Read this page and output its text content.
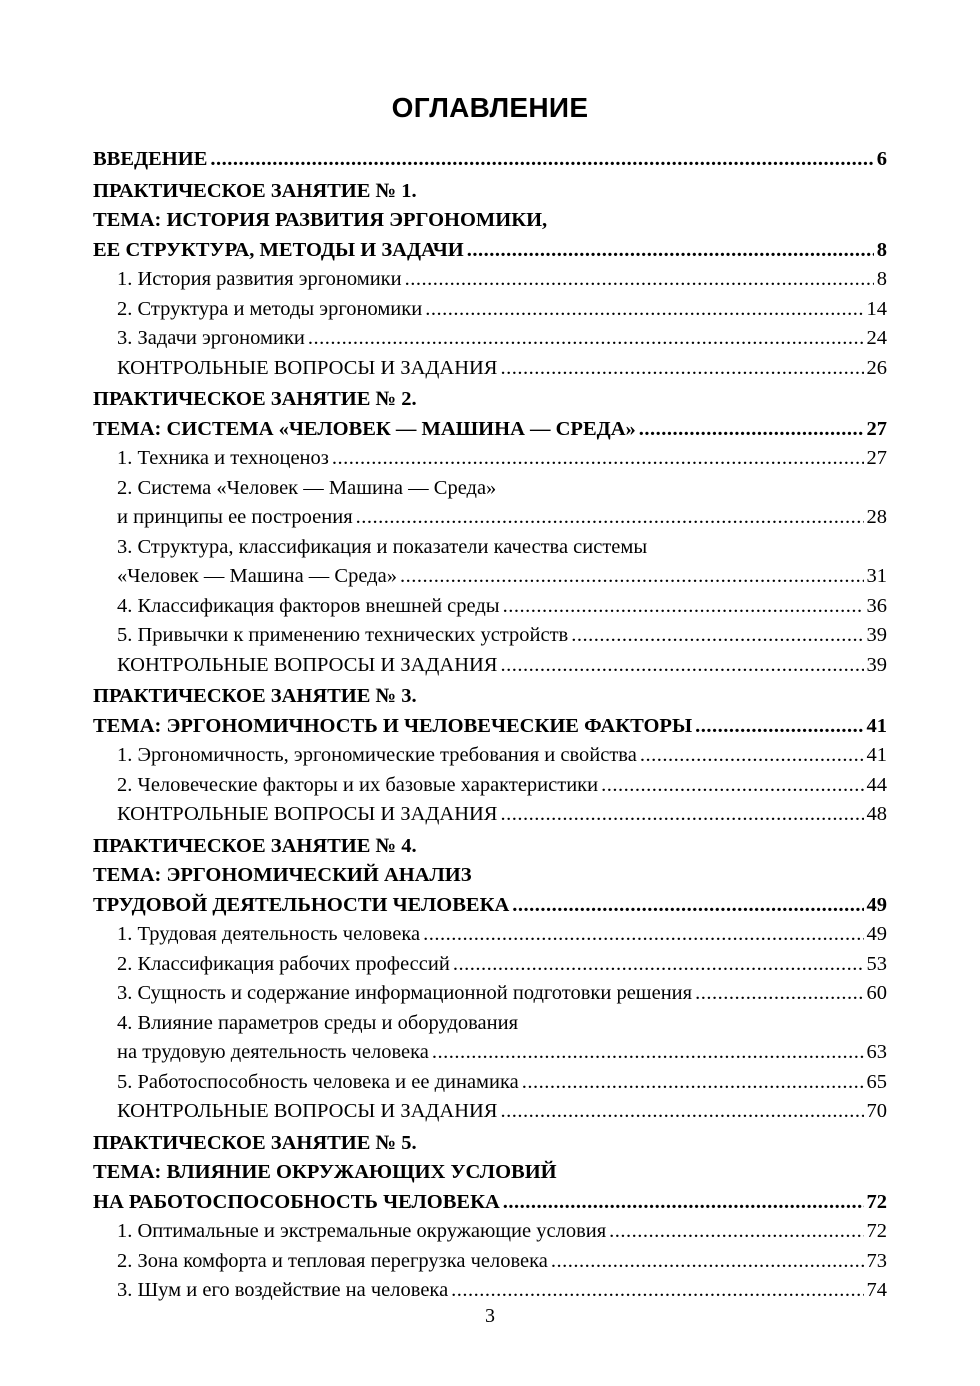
ОГЛАВЛЕНИЕ
ВВЕДЕНИЕ .....	6
ПРАКТИЧЕСКОЕ ЗАНЯТИЕ № 1.
ТЕМА: ИСТОРИЯ РАЗВИТИЯ ЭРГОНОМИКИ,
ЕЕ СТРУКТУРА, МЕТОДЫ И ЗАДАЧИ .....	8
1. История развития эргономики .....	8
2. Структура и методы эргономики .....	14
3. Задачи эргономики .....	24
КОНТРОЛЬНЫЕ ВОПРОСЫ И ЗАДАНИЯ .....	26
ПРАКТИЧЕСКОЕ ЗАНЯТИЕ № 2.
ТЕМА: СИСТЕМА «ЧЕЛОВЕК — МАШИНА — СРЕДА» .....	27
1. Техника и техноценоз .....	27
2. Система «Человек — Машина — Среда»
и принципы ее построения .....	28
3. Структура, классификация и показатели качества системы
«Человек — Машина — Среда» .....	31
4. Классификация факторов внешней среды .....	36
5. Привычки к применению технических устройств .....	39
КОНТРОЛЬНЫЕ ВОПРОСЫ И ЗАДАНИЯ .....	39
ПРАКТИЧЕСКОЕ ЗАНЯТИЕ № 3.
ТЕМА: ЭРГОНОМИЧНОСТЬ И ЧЕЛОВЕЧЕСКИЕ ФАКТОРЫ .....	41
1. Эргономичность, эргономические требования и свойства .....	41
2. Человеческие факторы и их базовые характеристики .....	44
КОНТРОЛЬНЫЕ ВОПРОСЫ И ЗАДАНИЯ .....	48
ПРАКТИЧЕСКОЕ ЗАНЯТИЕ № 4.
ТЕМА: ЭРГОНОМИЧЕСКИЙ АНАЛИЗ
ТРУДОВОЙ ДЕЯТЕЛЬНОСТИ ЧЕЛОВЕКА .....	49
1. Трудовая деятельность человека .....	49
2. Классификация рабочих профессий .....	53
3. Сущность и содержание информационной подготовки решения .....	60
4. Влияние параметров среды и оборудования
на трудовую деятельность человека .....	63
5. Работоспособность человека и ее динамика .....	65
КОНТРОЛЬНЫЕ ВОПРОСЫ И ЗАДАНИЯ .....	70
ПРАКТИЧЕСКОЕ ЗАНЯТИЕ № 5.
ТЕМА: ВЛИЯНИЕ ОКРУЖАЮЩИХ УСЛОВИЙ
НА РАБОТОСПОСОБНОСТЬ ЧЕЛОВЕКА .....	72
1. Оптимальные и экстремальные окружающие условия .....	72
2. Зона комфорта и тепловая перегрузка человека .....	73
3. Шум и его воздействие на человека .....	74
3
